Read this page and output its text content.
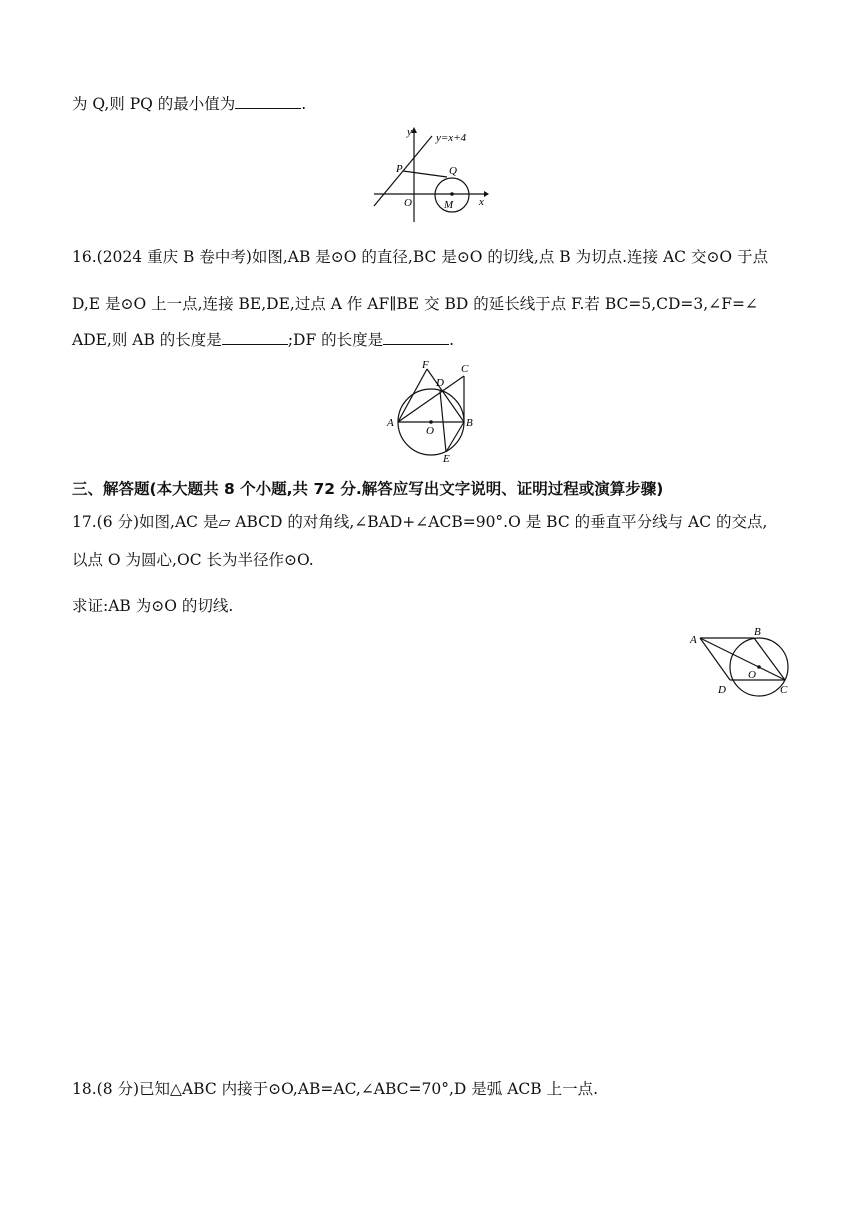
为 Q,则 PQ 的最小值为	.
y y=x+4
P	Q
O	M x
16.(2024 重庆 B 卷中考)如图,AB 是⊙O 的直径,BC 是⊙O 的切线,点 B 为切点.连接 AC 交⊙O 于点
D,E 是⊙O 上一点,连接 BE,DE,过点 A 作 AF∥BE 交 BD 的延长线于点 F.若 BC=5,CD=3,∠F=∠
ADE,则 AB 的长度是	;DF 的长度是	.
F
D
C
A	B
O
E
三、解答题(本大题共 8 个小题,共 72 分.解答应写出文字说明、证明过程或演算步骤)
17.(6 分)如图,AC 是▱ ABCD 的对角线,∠BAD+∠ACB=90°.O 是 BC 的垂直平分线与 AC 的交点,
以点 O 为圆心,OC 长为半径作⊙O.
求证:AB 为⊙O 的切线.
A
B
O
D	C
18.(8 分)已知△ABC 内接于⊙O,AB=AC,∠ABC=70°,D 是弧 ACB 上一点.
